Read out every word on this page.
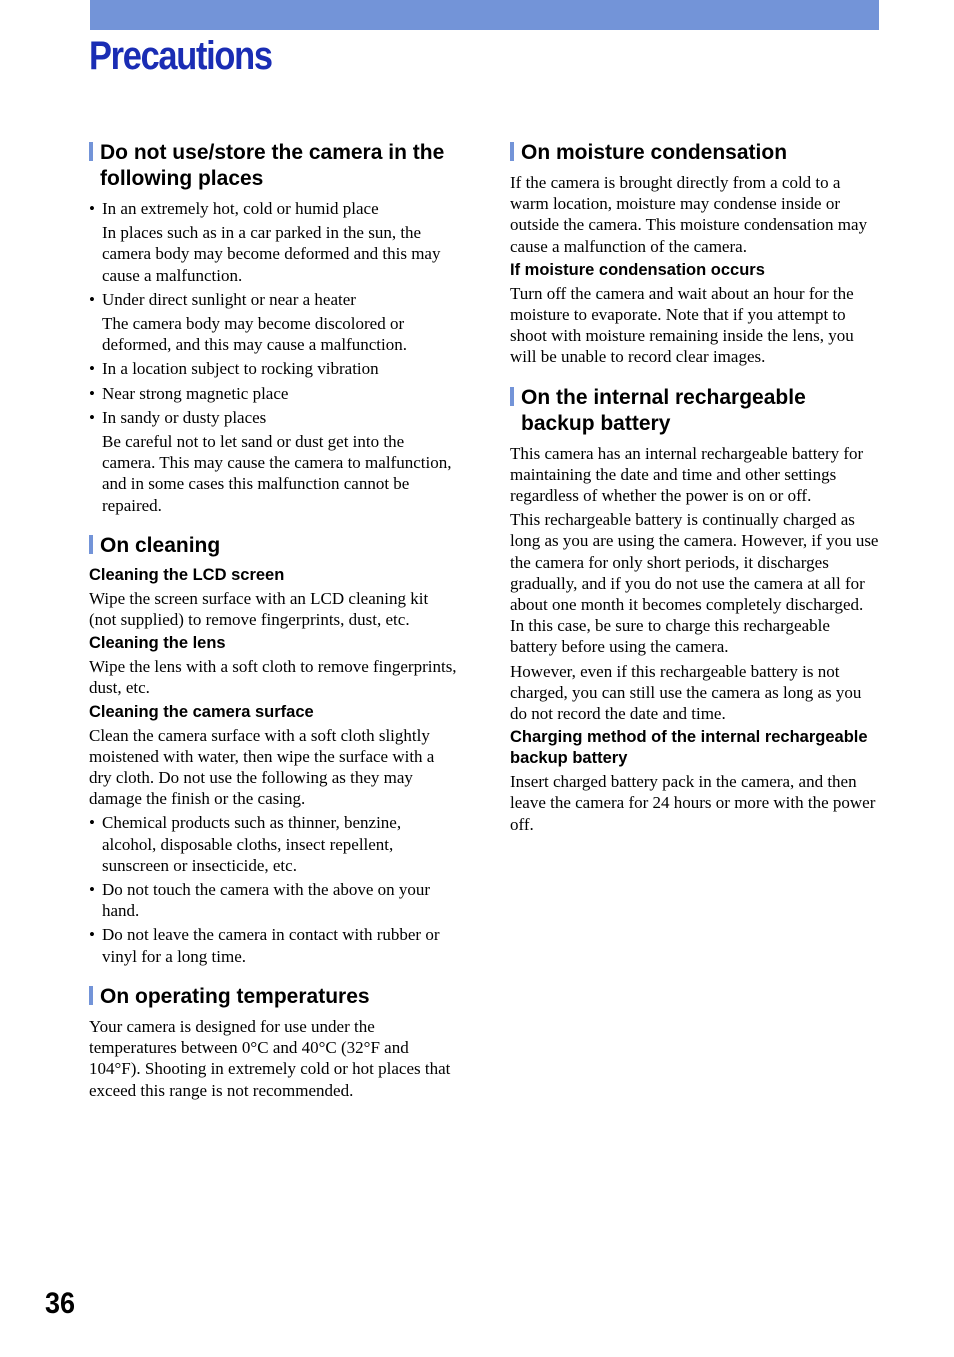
Precautions
Do not use/store the camera in the following places
• In an extremely hot, cold or humid place
In places such as in a car parked in the sun, the camera body may become deformed and this may cause a malfunction.
• Under direct sunlight or near a heater
The camera body may become discolored or deformed, and this may cause a malfunction.
• In a location subject to rocking vibration
• Near strong magnetic place
• In sandy or dusty places
Be careful not to let sand or dust get into the camera. This may cause the camera to malfunction, and in some cases this malfunction cannot be repaired.
On cleaning
Cleaning the LCD screen

Wipe the screen surface with an LCD cleaning kit (not supplied) to remove fingerprints, dust, etc.

Cleaning the lens

Wipe the lens with a soft cloth to remove fingerprints, dust, etc.

Cleaning the camera surface

Clean the camera surface with a soft cloth slightly moistened with water, then wipe the surface with a dry cloth. Do not use the following as they may damage the finish or the casing.

• Chemical products such as thinner, benzine, alcohol, disposable cloths, insect repellent, sunscreen or insecticide, etc.
• Do not touch the camera with the above on your hand.
• Do not leave the camera in contact with rubber or vinyl for a long time.
On operating temperatures

Your camera is designed for use under the temperatures between 0°C and 40°C (32°F and 104°F). Shooting in extremely cold or hot places that exceed this range is not recommended.

On moisture condensation

If the camera is brought directly from a cold to a warm location, moisture may condense inside or outside the camera. This moisture condensation may cause a malfunction of the camera.

If moisture condensation occurs

Turn off the camera and wait about an hour for the moisture to evaporate. Note that if you attempt to shoot with moisture remaining inside the lens, you will be unable to record clear images.

On the internal rechargeable backup battery

This camera has an internal rechargeable battery for maintaining the date and time and other settings regardless of whether the power is on or off.

This rechargeable battery is continually charged as long as you are using the camera. However, if you use the camera for only short periods, it discharges gradually, and if you do not use the camera at all for about one month it becomes completely discharged. In this case, be sure to charge this rechargeable battery before using the camera.

However, even if this rechargeable battery is not charged, you can still use the camera as long as you do not record the date and time.

Charging method of the internal rechargeable backup battery

Insert charged battery pack in the camera, and then leave the camera for 24 hours or more with the power off.

36
